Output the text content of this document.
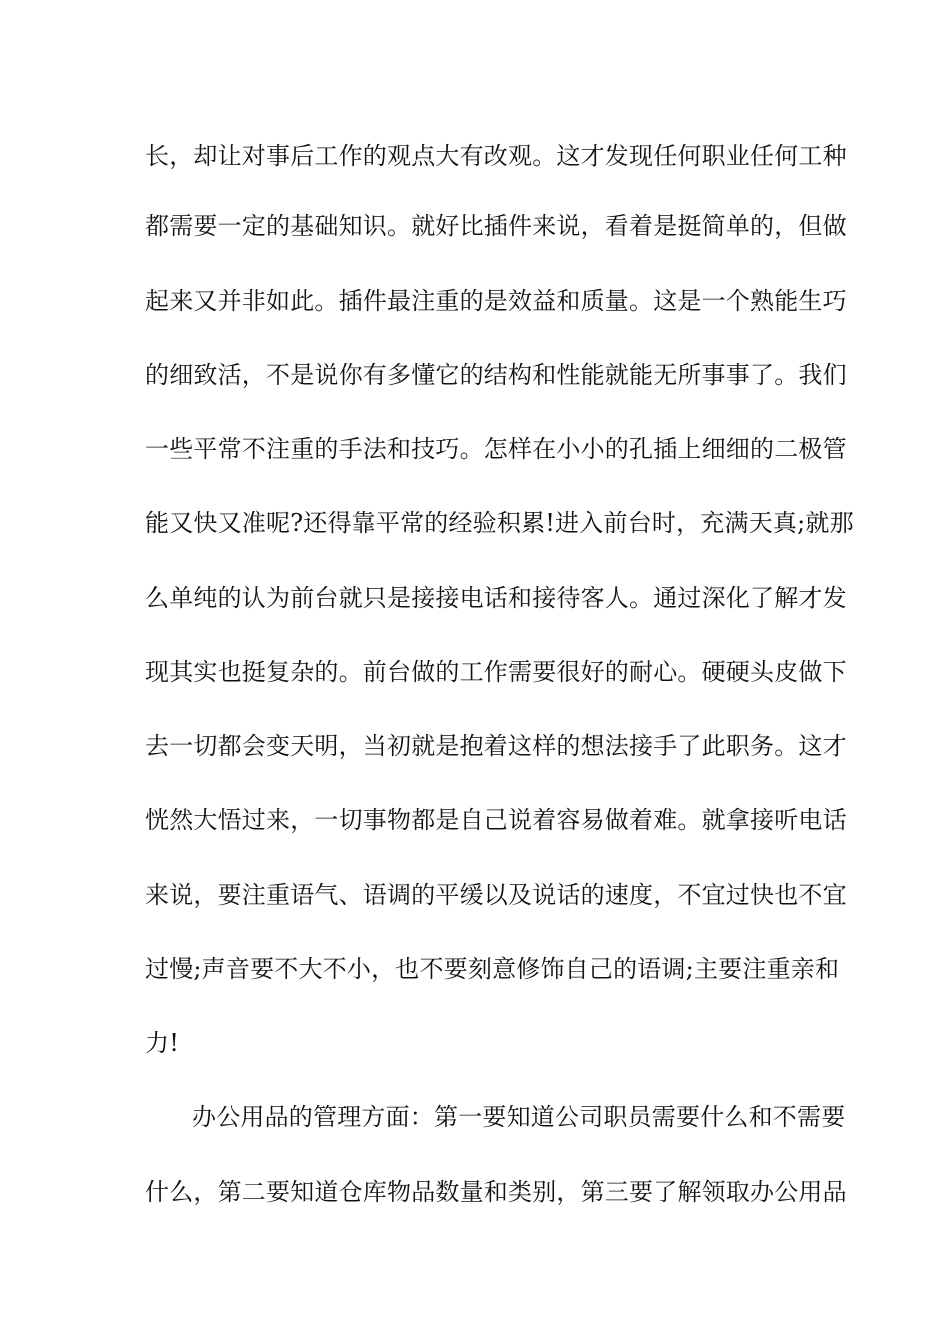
长，却让对事后工作的观点大有改观。这才发现任何职业任何工种
都需要一定的基础知识。就好比插件来说，看着是挺简单的，但做
起来又并非如此。插件最注重的是效益和质量。这是一个熟能生巧
的细致活，不是说你有多懂它的结构和性能就能无所事事了。我们
一些平常不注重的手法和技巧。怎样在小小的孔插上细细的二极管
能又快又准呢?还得靠平常的经验积累!进入前台时，充满天真;就那
么单纯的认为前台就只是接接电话和接待客人。通过深化了解才发
现其实也挺复杂的。前台做的工作需要很好的耐心。硬硬头皮做下
去一切都会变天明，当初就是抱着这样的想法接手了此职务。这才
恍然大悟过来，一切事物都是自己说着容易做着难。就拿接听电话
来说，要注重语气、语调的平缓以及说话的速度，不宜过快也不宜
过慢;声音要不大不小，也不要刻意修饰自己的语调;主要注重亲和
力!
办公用品的管理方面：第一要知道公司职员需要什么和不需要
什么，第二要知道仓库物品数量和类别，第三要了解领取办公用品
